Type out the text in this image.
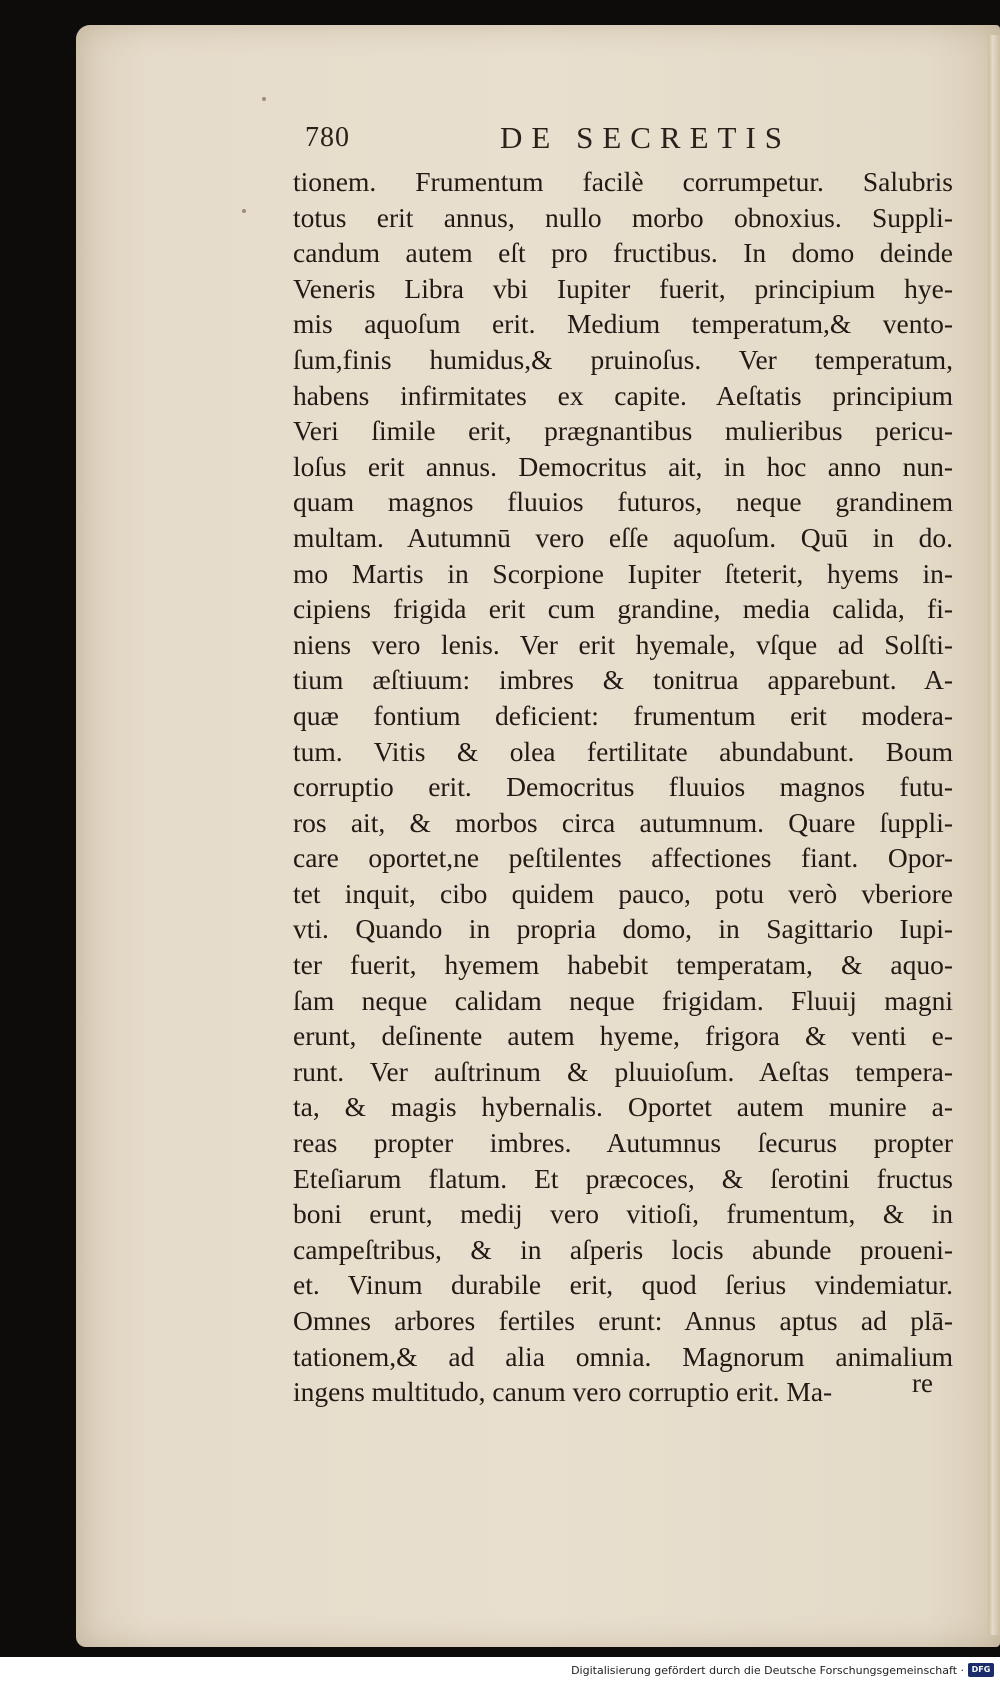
780	DE SECRETIS
tionem. Frumentum facilè corrumpetur. Salubris
totus erit annus, nullo morbo obnoxius. Suppli-
candum autem eſt pro fructibus. In domo deinde
Veneris Libra vbi Iupiter fuerit, principium hye-
mis aquoſum erit. Medium temperatum,& vento-
ſum,finis humidus,& pruinoſus. Ver temperatum,
habens infirmitates ex capite. Aeſtatis principium
Veri ſimile erit, prægnantibus mulieribus pericu-
loſus erit annus. Democritus ait, in hoc anno nun-
quam magnos fluuios futuros, neque grandinem
multam. Autumnū vero eſſe aquoſum. Quū in do.
mo Martis in Scorpione Iupiter ſteterit, hyems in-
cipiens frigida erit cum grandine, media calida, fi-
niens vero lenis. Ver erit hyemale, vſque ad Solſti-
tium æſtiuum: imbres & tonitrua apparebunt. A-
quæ fontium deficient: frumentum erit modera-
tum. Vitis & olea fertilitate abundabunt. Boum
corruptio erit. Democritus fluuios magnos futu-
ros ait, & morbos circa autumnum. Quare ſuppli-
care oportet,ne peſtilentes affectiones fiant. Opor-
tet inquit, cibo quidem pauco, potu verò vberiore
vti. Quando in propria domo, in Sagittario Iupi-
ter fuerit, hyemem habebit temperatam, & aquo-
ſam neque calidam neque frigidam. Fluuij magni
erunt, deſinente autem hyeme, frigora & venti e-
runt. Ver auſtrinum & pluuioſum. Aeſtas tempera-
ta, & magis hybernalis. Oportet autem munire a-
reas propter imbres. Autumnus ſecurus propter
Eteſiarum flatum. Et præcoces, & ſerotini fructus
boni erunt, medij vero vitioſi, frumentum, & in
campeſtribus, & in aſperis locis abunde proueni-
et. Vinum durabile erit, quod ſerius vindemiatur.
Omnes arbores fertiles erunt: Annus aptus ad plā-
tationem,& ad alia omnia. Magnorum animalium
ingens multitudo, canum vero corruptio erit. Ma-	re
Digitalisierung gefördert durch die Deutsche Forschungsgemeinschaft · DFG
